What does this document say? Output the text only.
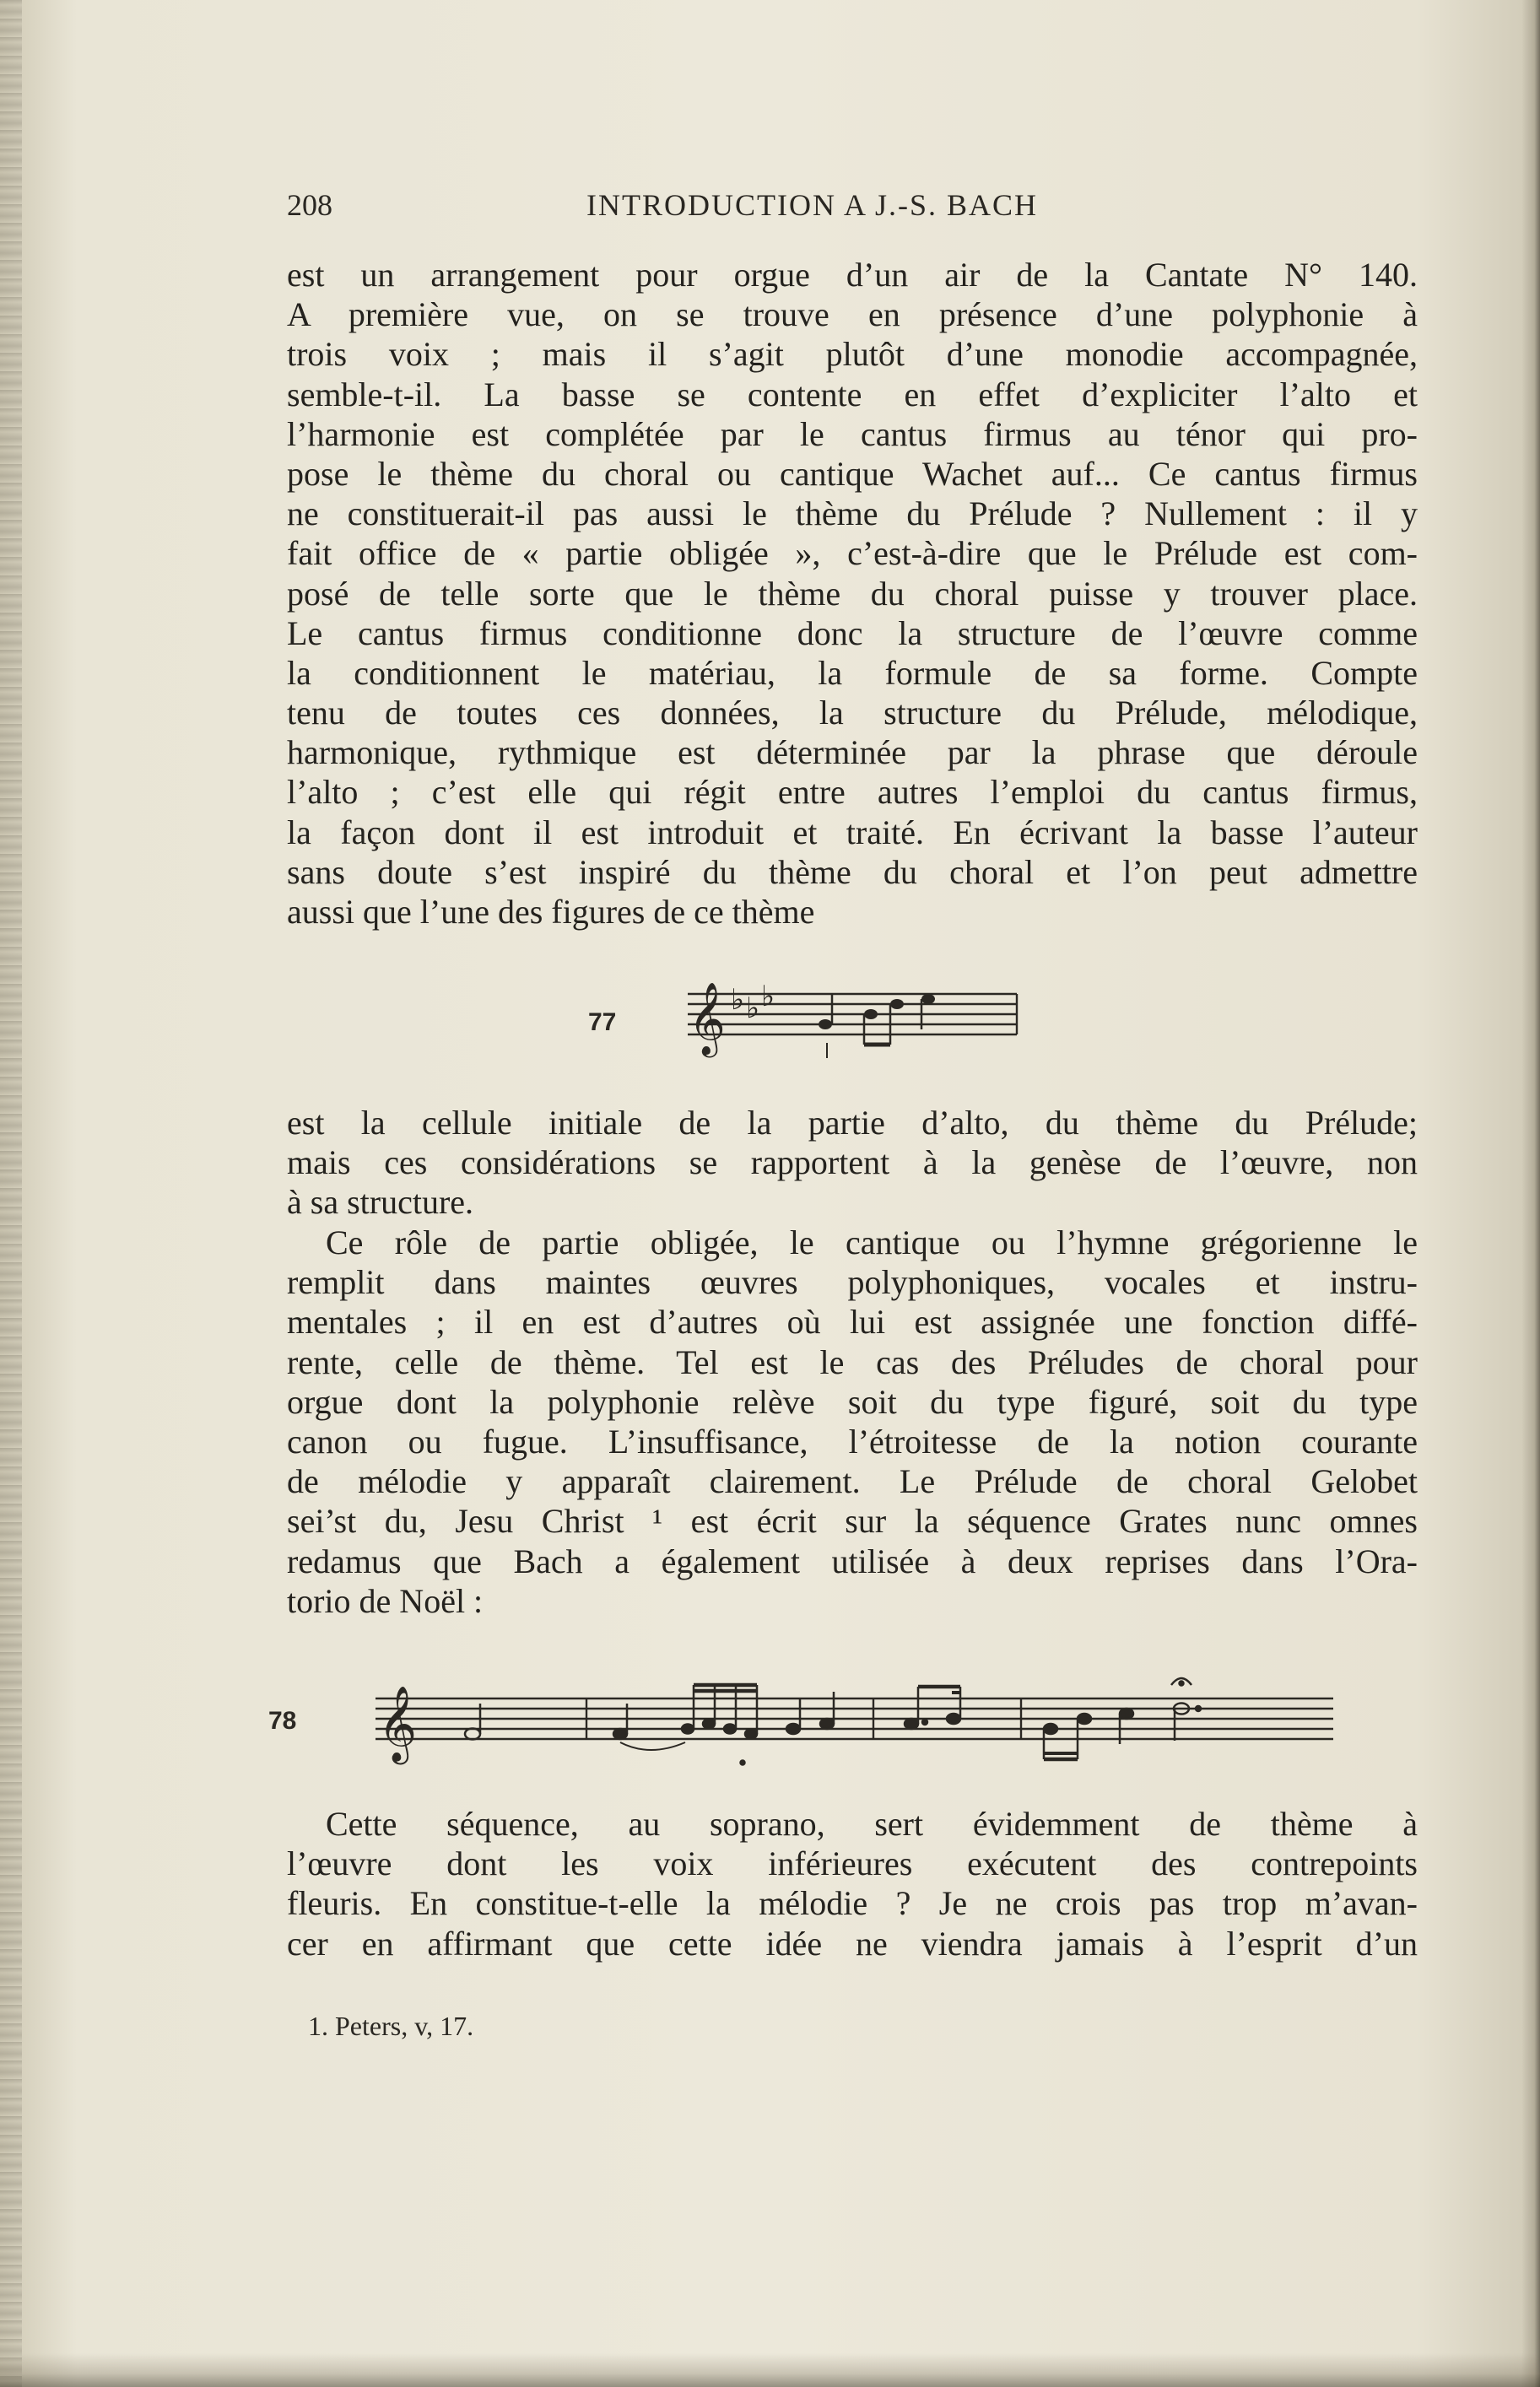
208	INTRODUCTION A J.-S. BACH
est un arrangement pour orgue d’un air de la Cantate N° 140.
A première vue, on se trouve en présence d’une polyphonie à
trois voix ; mais il s’agit plutôt d’une monodie accompagnée,
semble-t-il. La basse se contente en effet d’expliciter l’alto et
l’harmonie est complétée par le cantus firmus au ténor qui pro-
pose le thème du choral ou cantique Wachet auf... Ce cantus firmus
ne constituerait-il pas aussi le thème du Prélude ? Nullement : il y
fait office de « partie obligée », c’est-à-dire que le Prélude est com-
posé de telle sorte que le thème du choral puisse y trouver place.
Le cantus firmus conditionne donc la structure de l’œuvre comme
la conditionnent le matériau, la formule de sa forme. Compte
tenu de toutes ces données, la structure du Prélude, mélodique,
harmonique, rythmique est déterminée par la phrase que déroule
l’alto ; c’est elle qui régit entre autres l’emploi du cantus firmus,
la façon dont il est introduit et traité. En écrivant la basse l’auteur
sans doute s’est inspiré du thème du choral et l’on peut admettre
aussi que l’une des figures de ce thème
77 𝄞 ♭ ♭ ♭
est la cellule initiale de la partie d’alto, du thème du Prélude;
mais ces considérations se rapportent à la genèse de l’œuvre, non
à sa structure.
Ce rôle de partie obligée, le cantique ou l’hymne grégorienne le
remplit dans maintes œuvres polyphoniques, vocales et instru-
mentales ; il en est d’autres où lui est assignée une fonction diffé-
rente, celle de thème. Tel est le cas des Préludes de choral pour
orgue dont la polyphonie relève soit du type figuré, soit du type
canon ou fugue. L’insuffisance, l’étroitesse de la notion courante
de mélodie y apparaît clairement. Le Prélude de choral Gelobet
sei’st du, Jesu Christ ¹ est écrit sur la séquence Grates nunc omnes
redamus que Bach a également utilisée à deux reprises dans l’Ora-
torio de Noël :
78 𝄞
Cette séquence, au soprano, sert évidemment de thème à
l’œuvre dont les voix inférieures exécutent des contrepoints
fleuris. En constitue-t-elle la mélodie ? Je ne crois pas trop m’avan-
cer en affirmant que cette idée ne viendra jamais à l’esprit d’un
1. Peters, v, 17.
